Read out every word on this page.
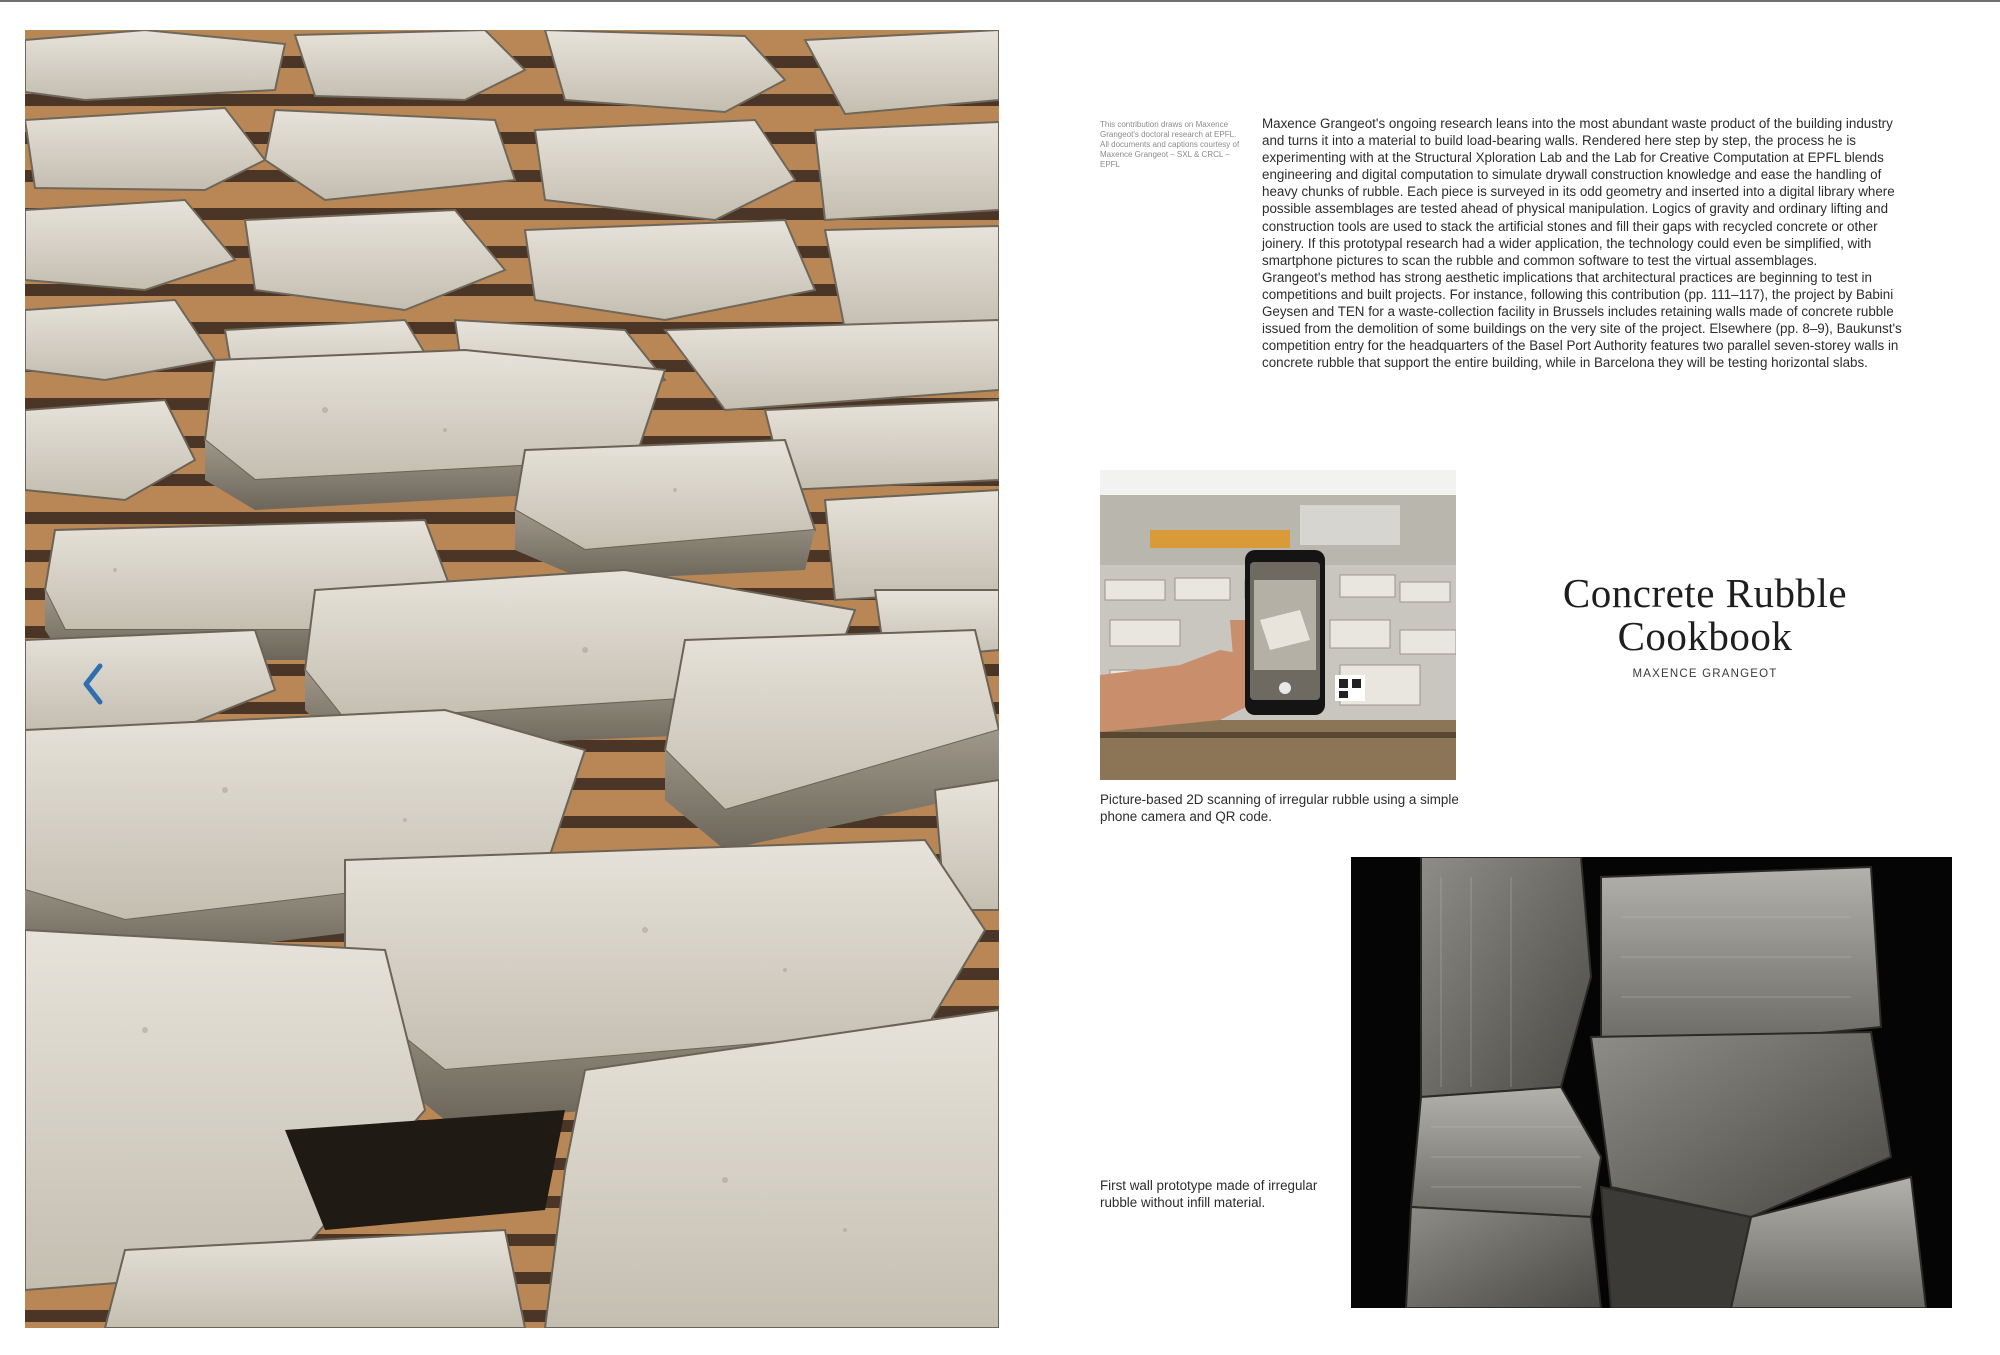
This contribution draws on Maxence Grangeot's doctoral research at EPFL. All documents and captions courtesy of Maxence Grangeot – SXL & CRCL – EPFL

Maxence Grangeot's ongoing research leans into the most abundant waste product of the building industry and turns it into a material to build load-bearing walls. Rendered here step by step, the process he is experimenting with at the Structural Xploration Lab and the Lab for Creative Computation at EPFL blends engineering and digital computation to simulate drywall construction knowledge and ease the handling of heavy chunks of rubble. Each piece is surveyed in its odd geometry and inserted into a digital library where possible assemblages are tested ahead of physical manipulation. Logics of gravity and ordinary lifting and construction tools are used to stack the artificial stones and fill their gaps with recycled concrete or other joinery. If this prototypal research had a wider application, the technology could even be simplified, with smartphone pictures to scan the rubble and common software to test the virtual assemblages.

Grangeot's method has strong aesthetic implications that architectural practices are beginning to test in competitions and built projects. For instance, following this contribution (pp. 111–117), the project by Babini Geysen and TEN for a waste-collection facility in Brussels includes retaining walls made of concrete rubble issued from the demolition of some buildings on the very site of the project. Elsewhere (pp. 8–9), Baukunst's competition entry for the headquarters of the Basel Port Authority features two parallel seven-storey walls in concrete rubble that support the entire building, while in Barcelona they will be testing horizontal slabs.

Picture-based 2D scanning of irregular rubble using a simple phone camera and QR code.
Concrete Rubble Cookbook
MAXENCE GRANGEOT
First wall prototype made of irregular rubble without infill material.
